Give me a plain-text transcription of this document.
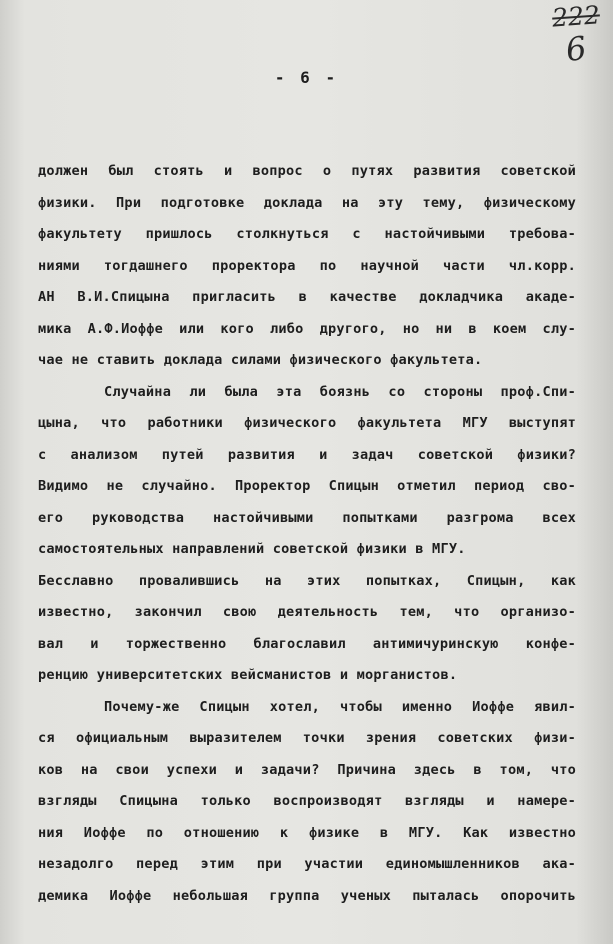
222
6
- 6 -
должен был стоять и вопрос о путях развития советской
физики. При подготовке доклада на эту тему, физическому
факультету пришлось столкнуться с настойчивыми требова-
ниями тогдашнего проректора по научной части чл.корр.
АН В.И.Спицына пригласить в качестве докладчика акаде-
мика А.Ф.Иоффе или кого либо другого, но ни в коем слу-
чае не ставить доклада силами физического факультета.
Случайна ли была эта боязнь со стороны проф.Спи-
цына, что работники физического факультета МГУ выступят
с анализом путей развития и задач советской физики?
Видимо не случайно. Проректор Спицын отметил период сво-
его руководства настойчивыми попытками разгрома всех
самостоятельных направлений советской физики в МГУ.
Бесславно провалившись на этих попытках, Спицын, как
известно, закончил свою деятельность тем, что организо-
вал и торжественно благославил антимичуринскую конфе-
ренцию университетских вейсманистов и морганистов.
Почему-же Спицын хотел, чтобы именно Иоффе явил-
ся официальным выразителем точки зрения советских физи-
ков на свои успехи и задачи? Причина здесь в том, что
взгляды Спицына только воспроизводят взгляды и намере-
ния Иоффе по отношению к физике в МГУ. Как известно
незадолго перед этим при участии единомышленников ака-
демика Иоффе небольшая группа ученых пыталась опорочить
